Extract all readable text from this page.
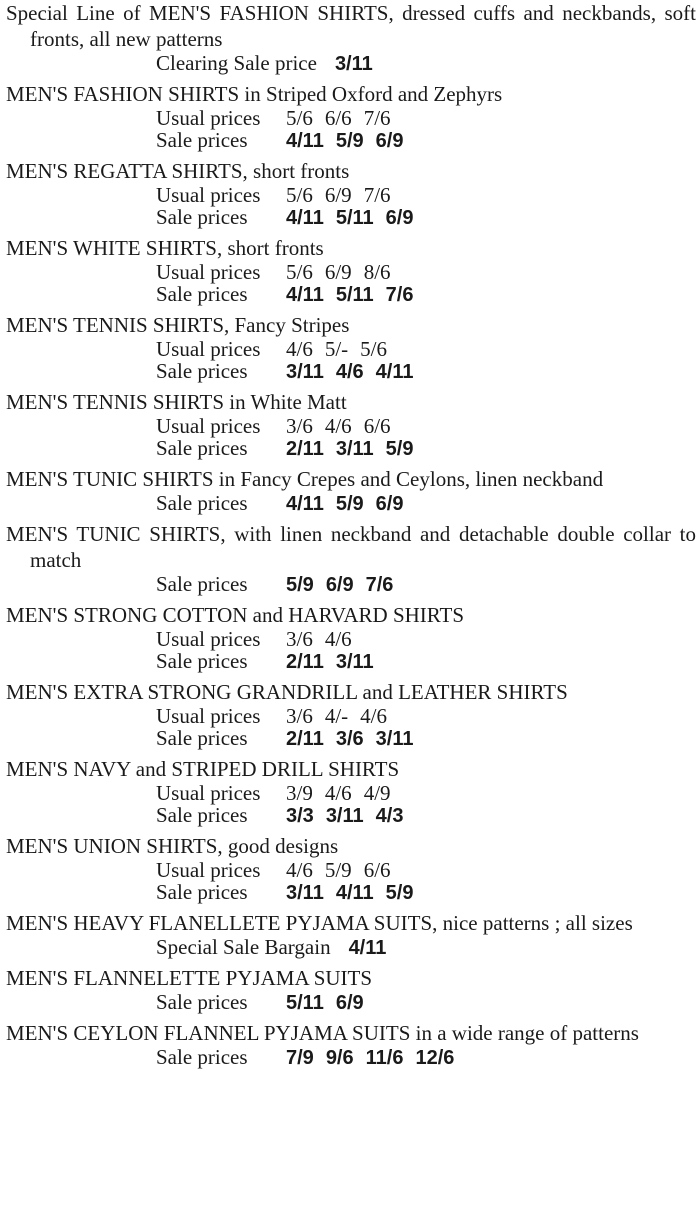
Special Line of MEN'S FASHION SHIRTS, dressed cuffs and neckbands, soft fronts, all new patterns
Clearing Sale price 3/11
MEN'S FASHION SHIRTS in Striped Oxford and Zephyrs
Usual prices	5/6 6/6 7/6
Sale prices	4/11 5/9 6/9
MEN'S REGATTA SHIRTS, short fronts
Usual prices	5/6 6/9 7/6
Sale prices	4/11 5/11 6/9
MEN'S WHITE SHIRTS, short fronts
Usual prices	5/6 6/9 8/6
Sale prices	4/11 5/11 7/6
MEN'S TENNIS SHIRTS, Fancy Stripes
Usual prices	4/6 5/- 5/6
Sale prices	3/11 4/6 4/11
MEN'S TENNIS SHIRTS in White Matt
Usual prices	3/6 4/6 6/6
Sale prices	2/11 3/11 5/9
MEN'S TUNIC SHIRTS in Fancy Crepes and Ceylons, linen neckband
Sale prices	4/11 5/9 6/9
MEN'S TUNIC SHIRTS, with linen neckband and detachable double collar to match
Sale prices	5/9 6/9 7/6
MEN'S STRONG COTTON and HARVARD SHIRTS
Usual prices	3/6 4/6
Sale prices	2/11 3/11
MEN'S EXTRA STRONG GRANDRILL and LEATHER SHIRTS
Usual prices	3/6 4/- 4/6
Sale prices	2/11 3/6 3/11
MEN'S NAVY and STRIPED DRILL SHIRTS
Usual prices	3/9 4/6 4/9
Sale prices	3/3 3/11 4/3
MEN'S UNION SHIRTS, good designs
Usual prices	4/6 5/9 6/6
Sale prices	3/11 4/11 5/9
MEN'S HEAVY FLANELLETE PYJAMA SUITS, nice patterns ; all sizes
Special Sale Bargain 4/11
MEN'S FLANNELETTE PYJAMA SUITS
Sale prices	5/11 6/9
MEN'S CEYLON FLANNEL PYJAMA SUITS in a wide range of patterns
Sale prices	7/9 9/6 11/6 12/6
